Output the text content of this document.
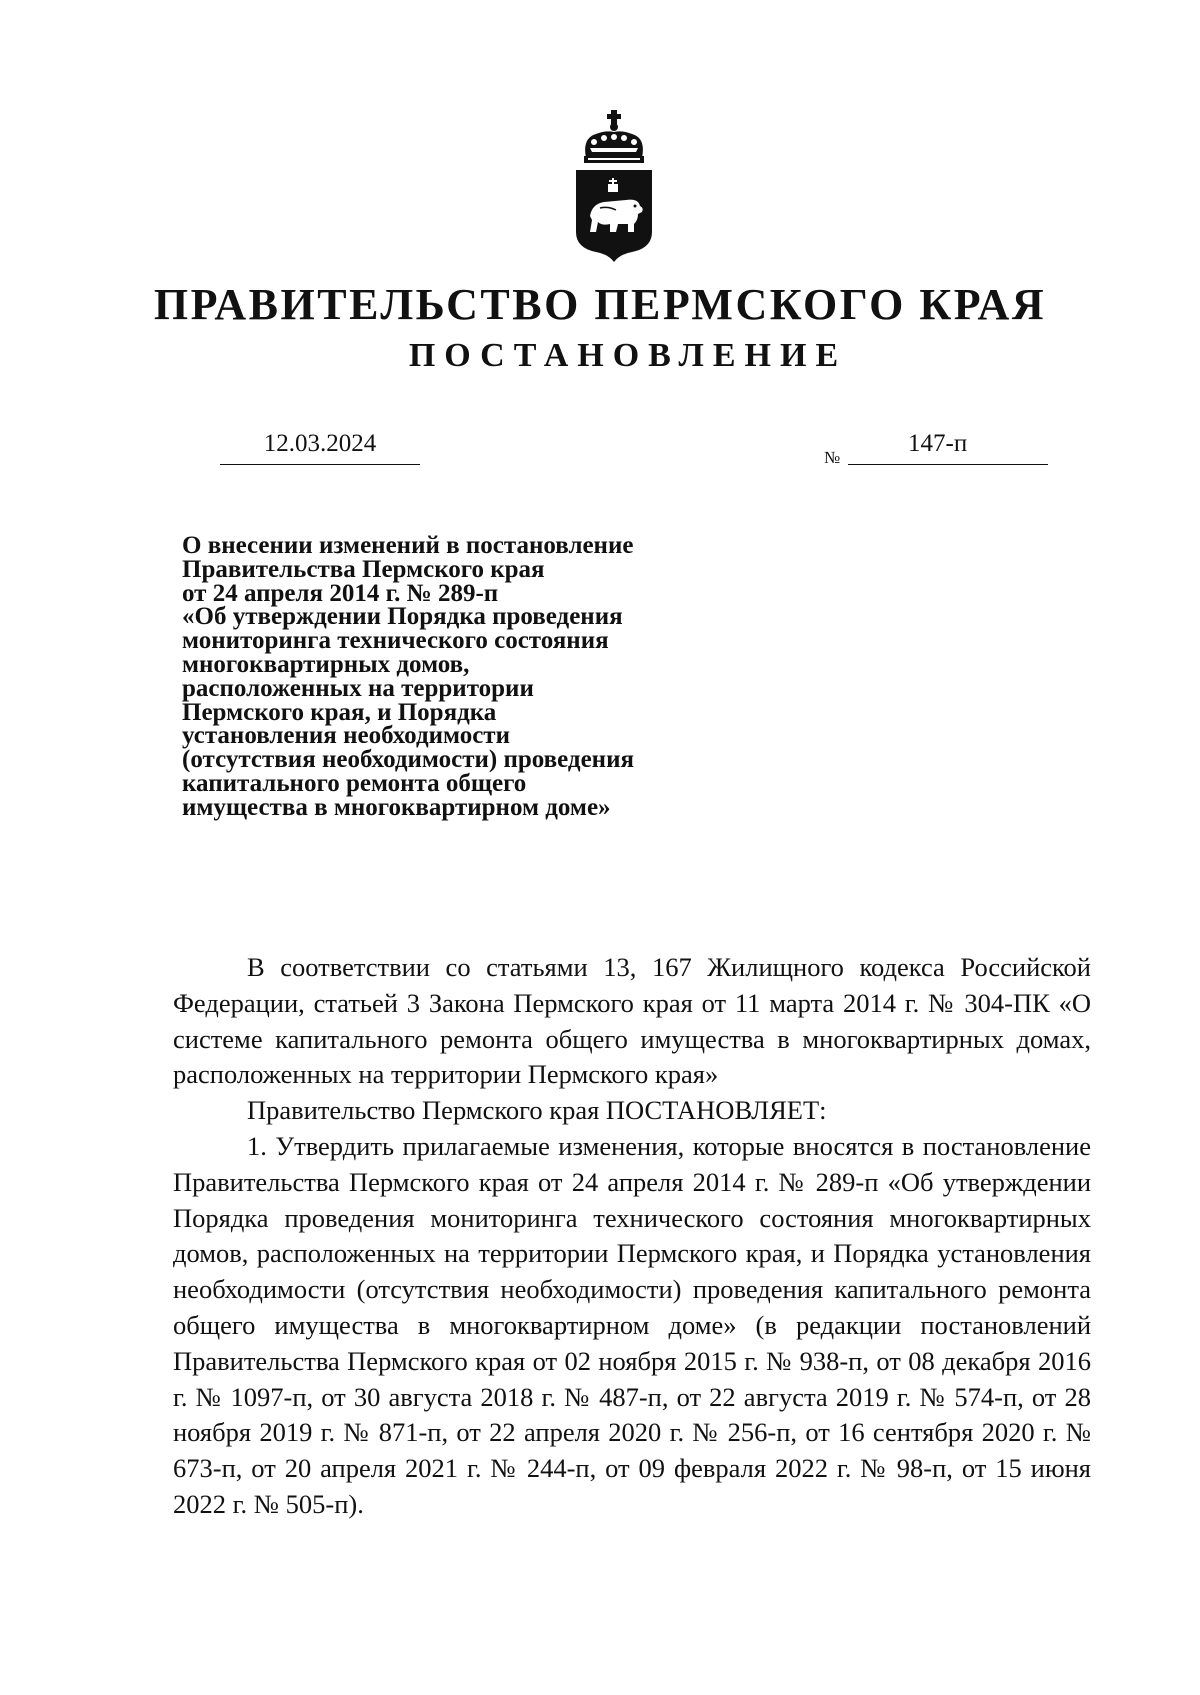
ПРАВИТЕЛЬСТВО ПЕРМСКОГО КРАЯ
ПОСТАНОВЛЕНИЕ
12.03.2024
№
147-п
О внесении изменений в постановление
Правительства Пермского края
от 24 апреля 2014 г. № 289-п
«Об утверждении Порядка проведения
мониторинга технического состояния
многоквартирных домов,
расположенных на территории
Пермского края, и Порядка
установления необходимости
(отсутствия необходимости) проведения
капитального ремонта общего
имущества в многоквартирном доме»

В соответствии со статьями 13, 167 Жилищного кодекса Российской Федерации, статьей 3 Закона Пермского края от 11 марта 2014 г. № 304-ПК «О системе капитального ремонта общего имущества в многоквартирных домах, расположенных на территории Пермского края»

Правительство Пермского края ПОСТАНОВЛЯЕТ:

1. Утвердить прилагаемые изменения, которые вносятся в постановление Правительства Пермского края от 24 апреля 2014 г. № 289-п «Об утверждении Порядка проведения мониторинга технического состояния многоквартирных домов, расположенных на территории Пермского края, и Порядка установления необходимости (отсутствия необходимости) проведения капитального ремонта общего имущества в многоквартирном доме» (в редакции постановлений Правительства Пермского края от 02 ноября 2015 г. № 938-п, от 08 декабря 2016 г. № 1097-п, от 30 августа 2018 г. № 487-п, от 22 августа 2019 г. № 574-п, от 28 ноября 2019 г. № 871-п, от 22 апреля 2020 г. № 256-п, от 16 сентября 2020 г. № 673-п, от 20 апреля 2021 г. № 244-п, от 09 февраля 2022 г. № 98-п, от 15 июня 2022 г. № 505-п).
